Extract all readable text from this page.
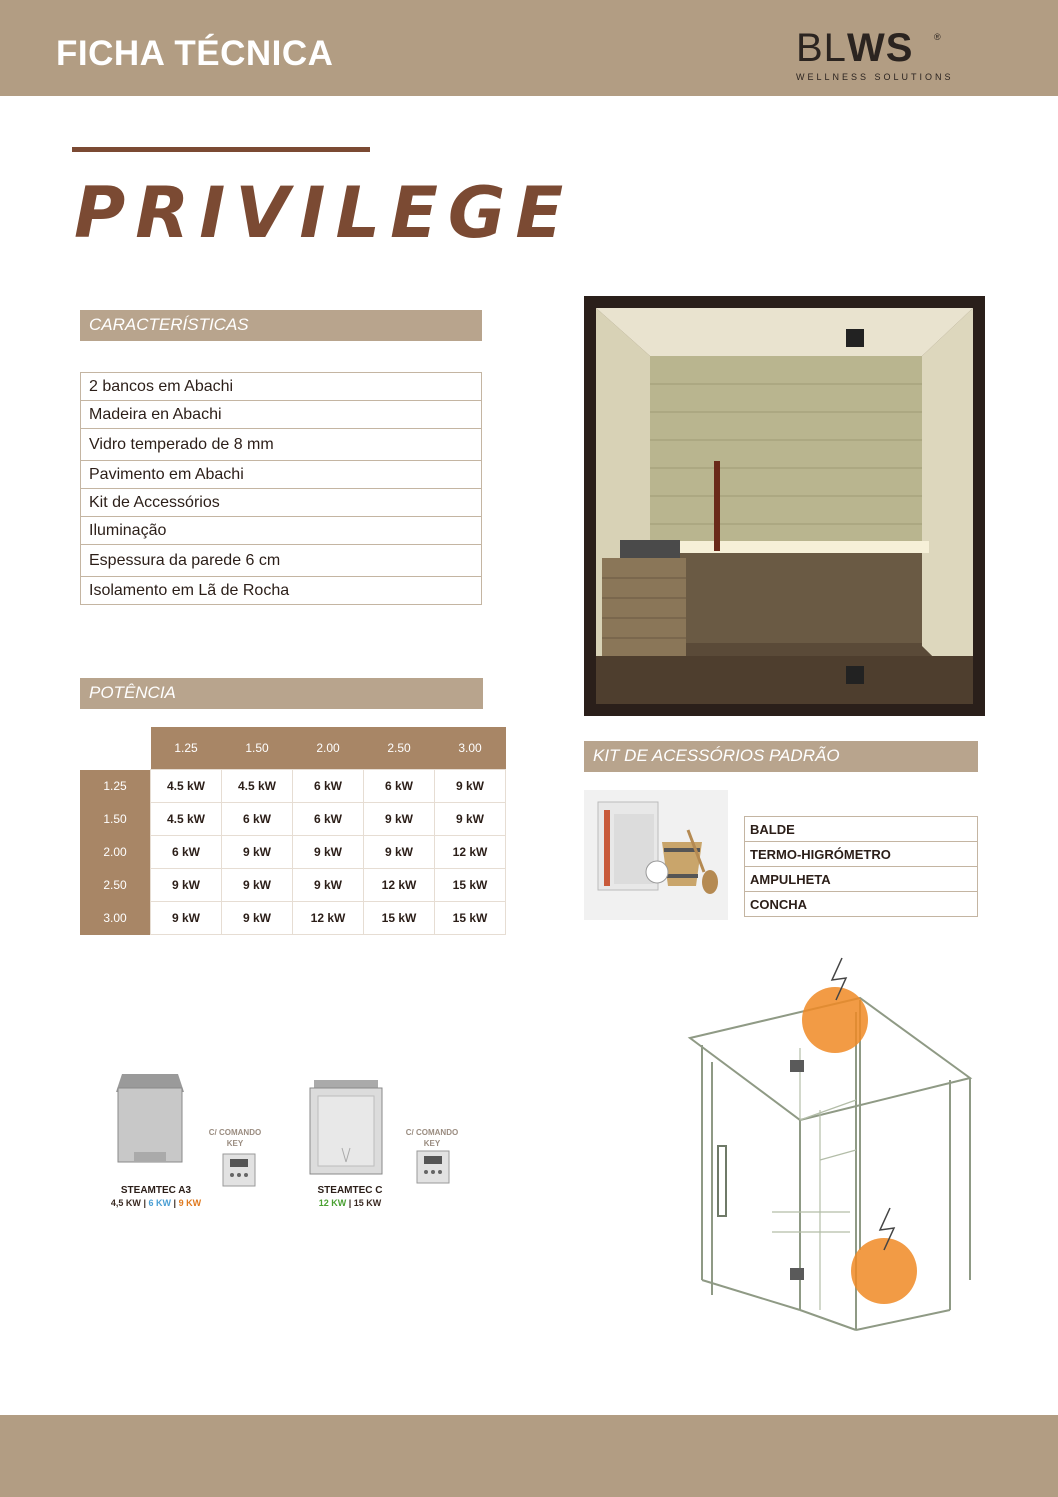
FICHA TÉCNICA	BLWS	®
WELLNESS SOLUTIONS
PRIVILEGE
CARACTERÍSTICAS
2 bancos em Abachi
Madeira en Abachi
Vidro temperado de 8 mm
Pavimento em Abachi
Kit de Accessórios
Iluminação
Espessura da parede 6 cm
Isolamento em Lã de Rocha
POTÊNCIA
	1.25	1.50	2.00	2.50	3.00
1.25	4.5 kW	4.5 kW	6 kW	6 kW	9 kW
1.50	4.5 kW	6 kW	6 kW	9 kW	9 kW
2.00	6 kW	9 kW	9 kW	9 kW	12 kW
2.50	9 kW	9 kW	9 kW	12 kW	15 kW
3.00	9 kW	9 kW	12 kW	15 kW	15 kW
KIT DE ACESSÓRIOS PADRÃO
BALDE
TERMO-HIGRÓMETRO
AMPULHETA
CONCHA
C/ COMANDO
KEY
STEAMTEC A3
4,5 KW | 6 KW | 9 KW
C/ COMANDO
KEY
STEAMTEC C
12 KW | 15 KW
